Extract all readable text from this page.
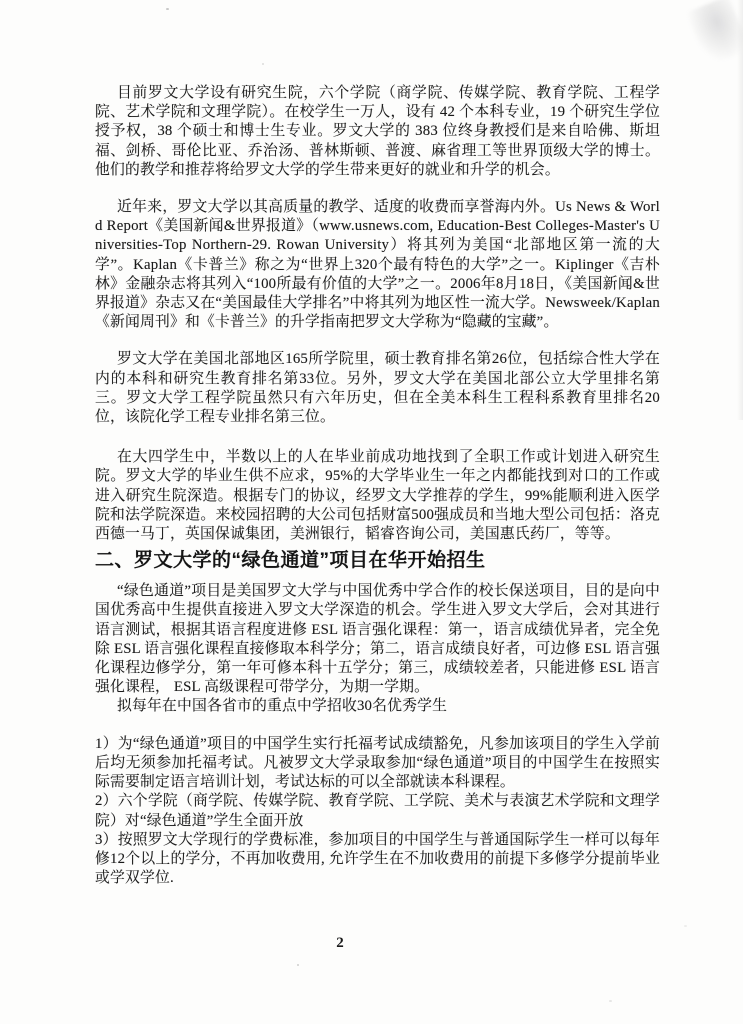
目前罗文大学设有研究生院，六个学院（商学院、传媒学院、教育学院、工程学院、艺术学院和文理学院）。在校学生一万人，设有 42 个本科专业，19 个研究生学位授予权，38 个硕士和博士生专业。罗文大学的 383 位终身教授们是来自哈佛、斯坦福、剑桥、哥伦比亚、乔治汤、普林斯顿、普渡、麻省理工等世界顶级大学的博士。他们的教学和推荐将给罗文大学的学生带来更好的就业和升学的机会。

近年来，罗文大学以其高质量的教学、适度的收费而享誉海内外。Us News & World Report《美国新闻&世界报道》（www.usnews.com, Education-Best Colleges-Master's Universities-Top Northern-29. Rowan University）将其列为美国“北部地区第一流的大学”。Kaplan《卡普兰》称之为“世界上320个最有特色的大学”之一。Kiplinger《吉朴林》金融杂志将其列入“100所最有价值的大学”之一。2006年8月18日，《美国新闻&世界报道》杂志又在“美国最佳大学排名”中将其列为地区性一流大学。Newsweek/Kaplan《新闻周刊》和《卡普兰》的升学指南把罗文大学称为“隐藏的宝藏”。

罗文大学在美国北部地区165所学院里，硕士教育排名第26位，包括综合性大学在内的本科和研究生教育排名第33位。另外，罗文大学在美国北部公立大学里排名第三。罗文大学工程学院虽然只有六年历史，但在全美本科生工程科系教育里排名20位，该院化学工程专业排名第三位。

在大四学生中，半数以上的人在毕业前成功地找到了全职工作或计划进入研究生院。罗文大学的毕业生供不应求，95%的大学毕业生一年之内都能找到对口的工作或进入研究生院深造。根据专门的协议，经罗文大学推荐的学生，99%能顺利进入医学院和法学院深造。来校园招聘的大公司包括财富500强成员和当地大型公司包括：洛克西德一马丁，英国保诚集团，美洲银行，韬睿咨询公司，美国惠氏药厂，等等。

二、罗文大学的“绿色通道”项目在华开始招生

“绿色通道”项目是美国罗文大学与中国优秀中学合作的校长保送项目，目的是向中国优秀高中生提供直接进入罗文大学深造的机会。学生进入罗文大学后，会对其进行语言测试，根据其语言程度进修 ESL 语言强化课程：第一，语言成绩优异者，完全免除 ESL 语言强化课程直接修取本科学分；第二，语言成绩良好者，可边修 ESL 语言强化课程边修学分，第一年可修本科十五学分；第三，成绩较差者，只能进修 ESL 语言强化课程， ESL 高级课程可带学分，为期一学期。

拟每年在中国各省市的重点中学招收30名优秀学生

1）为“绿色通道”项目的中国学生实行托福考试成绩豁免，凡参加该项目的学生入学前后均无须参加托福考试。凡被罗文大学录取参加“绿色通道”项目的中国学生在按照实际需要制定语言培训计划，考试达标的可以全部就读本科课程。

2）六个学院（商学院、传媒学院、教育学院、工学院、美术与表演艺术学院和文理学院）对“绿色通道”学生全面开放

3）按照罗文大学现行的学费标准，参加项目的中国学生与普通国际学生一样可以每年修12个以上的学分，不再加收费用, 允许学生在不加收费用的前提下多修学分提前毕业或学双学位.

2
